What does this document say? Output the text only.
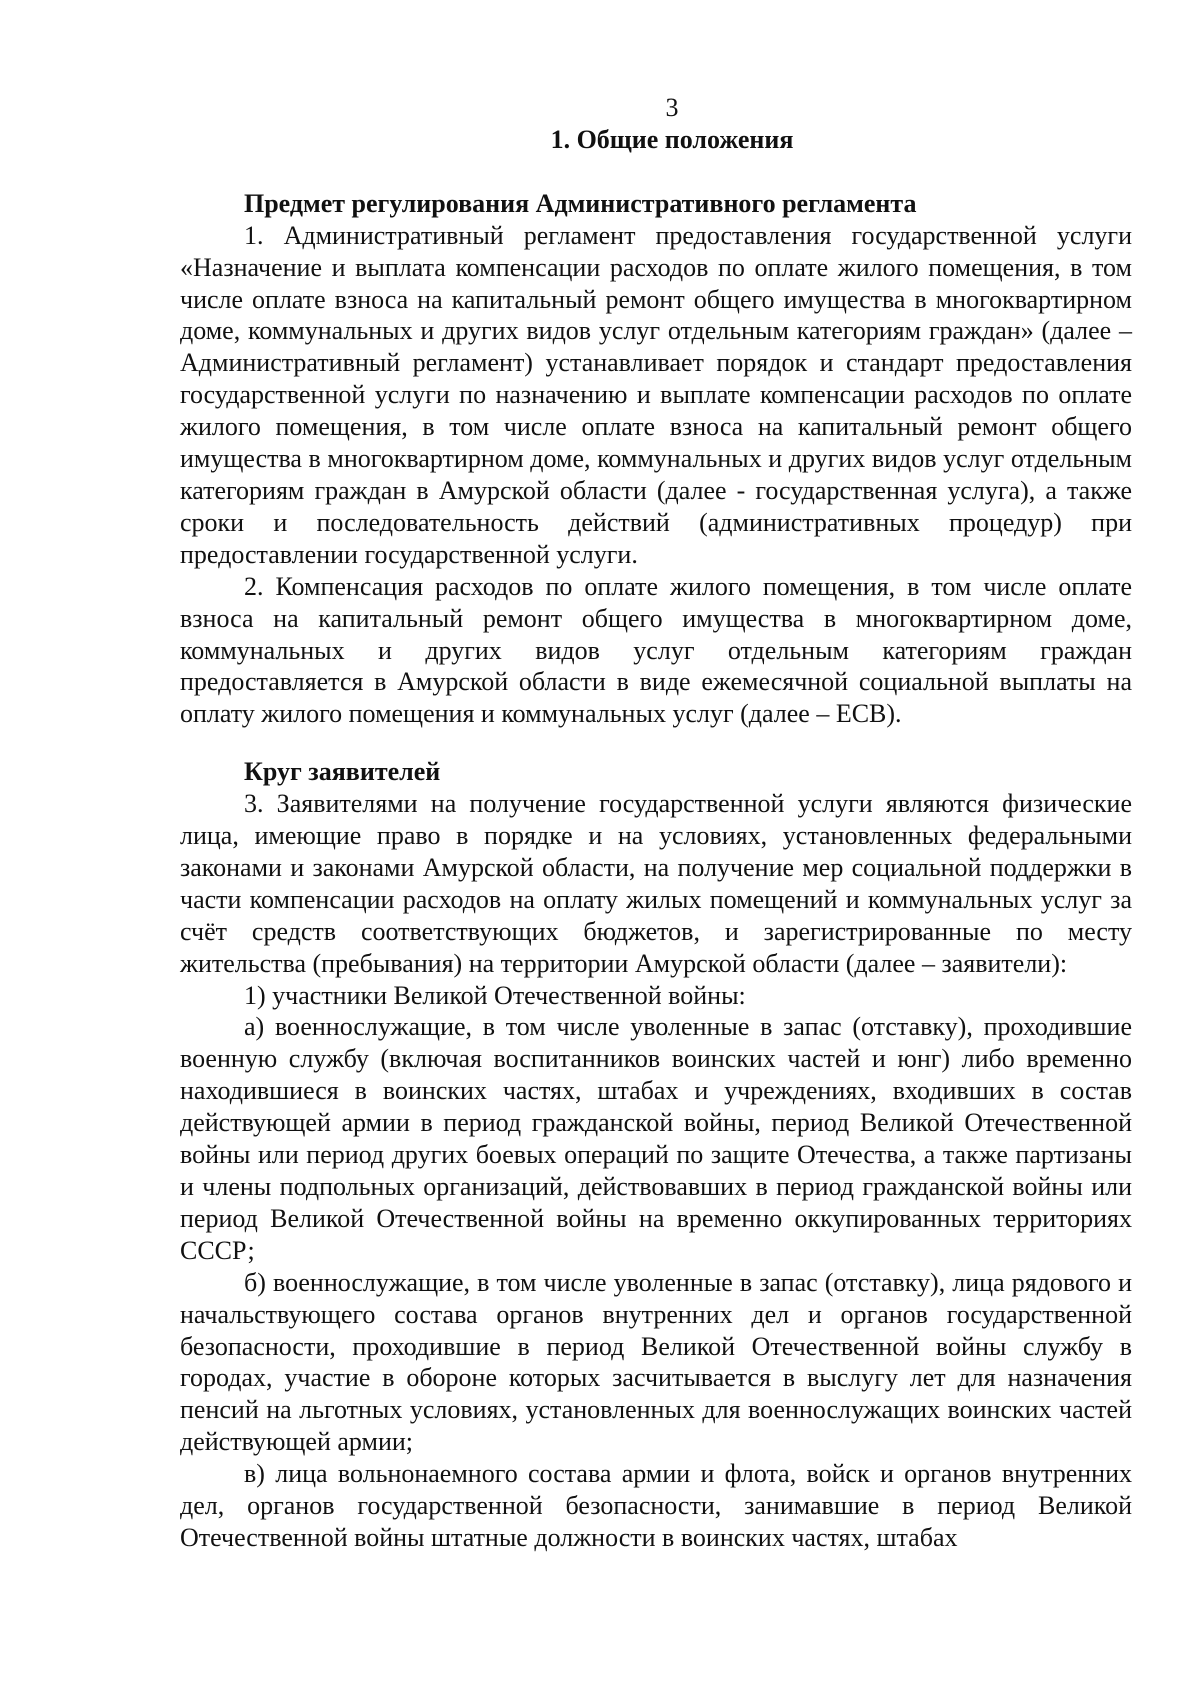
3
1. Общие положения
Предмет регулирования Административного регламента

1. Административный регламент предоставления государственной услуги «Назначение и выплата компенсации расходов по оплате жилого помещения, в том числе оплате взноса на капитальный ремонт общего имущества в многоквартирном доме, коммунальных и других видов услуг отдельным категориям граждан» (далее – Административный регламент) устанавливает порядок и стандарт предоставления государственной услуги по назначению и выплате компенсации расходов по оплате жилого помещения, в том числе оплате взноса на капитальный ремонт общего имущества в многоквартирном доме, коммунальных и других видов услуг отдельным категориям граждан в Амурской области (далее - государственная услуга), а также сроки и последовательность действий (административных процедур) при предоставлении государственной услуги.

2. Компенсация расходов по оплате жилого помещения, в том числе оплате взноса на капитальный ремонт общего имущества в многоквартирном доме, коммунальных и других видов услуг отдельным категориям граждан предоставляется в Амурской области в виде ежемесячной социальной выплаты на оплату жилого помещения и коммунальных услуг (далее – ЕСВ).

Круг заявителей

3. Заявителями на получение государственной услуги являются физические лица, имеющие право в порядке и на условиях, установленных федеральными законами и законами Амурской области, на получение мер социальной поддержки в части компенсации расходов на оплату жилых помещений и коммунальных услуг за счёт средств соответствующих бюджетов, и зарегистрированные по месту жительства (пребывания) на территории Амурской области (далее – заявители):

1) участники Великой Отечественной войны:

а) военнослужащие, в том числе уволенные в запас (отставку), проходившие военную службу (включая воспитанников воинских частей и юнг) либо временно находившиеся в воинских частях, штабах и учреждениях, входивших в состав действующей армии в период гражданской войны, период Великой Отечественной войны или период других боевых операций по защите Отечества, а также партизаны и члены подпольных организаций, действовавших в период гражданской войны или период Великой Отечественной войны на временно оккупированных территориях СССР;

б) военнослужащие, в том числе уволенные в запас (отставку), лица рядового и начальствующего состава органов внутренних дел и органов государственной безопасности, проходившие в период Великой Отечественной войны службу в городах, участие в обороне которых засчитывается в выслугу лет для назначения пенсий на льготных условиях, установленных для военнослужащих воинских частей действующей армии;

в) лица вольнонаемного состава армии и флота, войск и органов внутренних дел, органов государственной безопасности, занимавшие в период Великой Отечественной войны штатные должности в воинских частях, штабах
